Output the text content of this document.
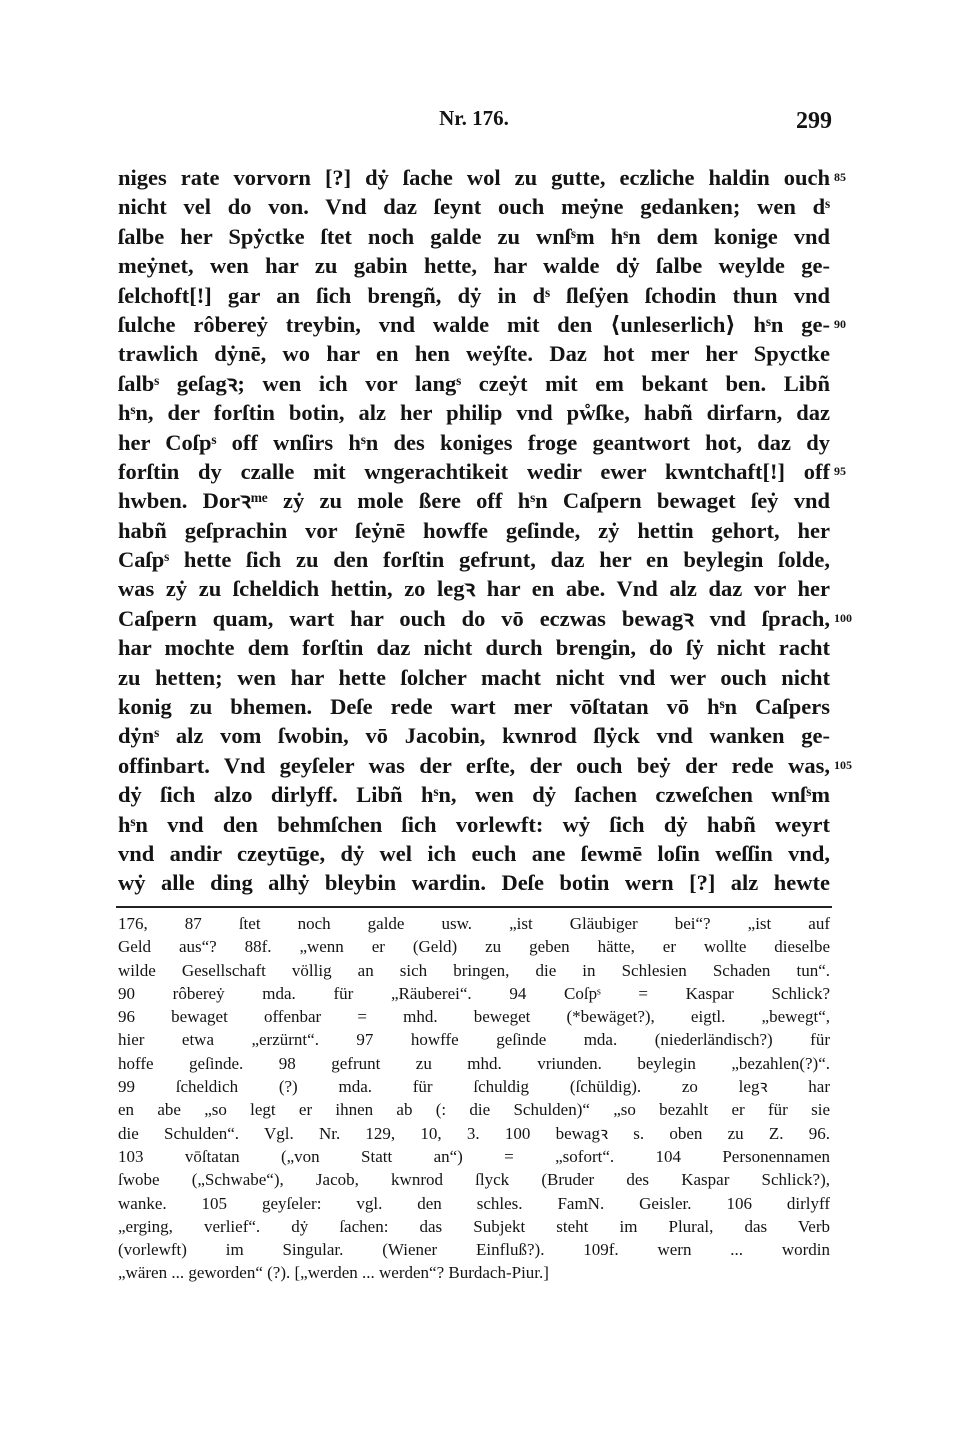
Nr. 176.	299
niges rate vorvorn [?] dẏ ſache wol zu gutte, eczliche haldin ouch 85
nicht vel do von. Vnd daz ſeynt ouch meẏne gedanken; wen dˢ
ſalbe her Spẏctke ſtet noch galde zu wnſˢm hˢn dem konige vnd
meẏnet, wen har zu gabin hette, har walde dẏ ſalbe weylde ge-
ſelchoft[!] gar an ſich brengñ, dẏ in dˢ ſleſẏen ſchodin thun vnd
ſulche rôbereẏ treybin, vnd walde mit den ⟨unleserlich⟩ hˢn ge- 90
trawlich dẏnē, wo har en hen weẏſte. Daz hot mer her Spyctke
ſalbˢ geſagꝛ; wen ich vor langˢ czeẏt mit em bekant ben. Libñ
hˢn, der forſtin botin, alz her philip vnd pẘſke, habñ dirfarn, daz
her Coſpˢ off wnſirs hˢn des koniges froge geantwort hot, daz dy
forſtin dy czalle mit wngerachtikeit wedir ewer kwntchaft[!] off 95
hwben. Dorꝛᵐᵉ zẏ zu mole ßere off hˢn Caſpern bewaget ſeẏ vnd
habñ geſprachin vor ſeẏnē howffe geſinde, zẏ hettin gehort, her
Caſpˢ hette ſich zu den forſtin gefrunt, daz her en beylegin ſolde,
was zẏ zu ſcheldich hettin, zo legꝛ har en abe. Vnd alz daz vor her
Caſpern quam, wart har ouch do vō eczwas bewagꝛ vnd ſprach, 100
har mochte dem forſtin daz nicht durch brengin, do ſẏ nicht racht
zu hetten; wen har hette ſolcher macht nicht vnd wer ouch nicht
konig zu bhemen. Deſe rede wart mer vōſtatan vō hˢn Caſpers
dẏnˢ alz vom ſwobin, vō Jacobin, kwnrod ſlẏck vnd wanken ge-
offinbart. Vnd geyſeler was der erſte, der ouch beẏ der rede was, 105
dẏ ſich alzo dirlyff. Libñ hˢn, wen dẏ ſachen czweſchen wnſˢm
hˢn vnd den behmſchen ſich vorlewft: wẏ ſich dẏ habñ weyrt
vnd andir czeytūge, dẏ wel ich euch ane ſewmē loſin weſſin vnd,
wẏ alle ding alhẏ bleybin wardin. Deſe botin wern [?] alz hewte
176, 87 ſtet noch galde usw. „ist Gläubiger bei“? „ist auf
Geld aus“? 88f. „wenn er (Geld) zu geben hätte, er wollte dieselbe
wilde Gesellschaft völlig an sich bringen, die in Schlesien Schaden tun“.
90 rôbereẏ mda. für „Räuberei“. 94 Coſpˢ = Kaspar Schlick?
96 bewaget offenbar = mhd. beweget (*bewäget?), eigtl. „bewegt“,
hier etwa „erzürnt“. 97 howffe geſinde mda. (niederländisch?) für
hoffe geſinde. 98 gefrunt zu mhd. vriunden. beylegin „bezahlen(?)“.
99 ſcheldich (?) mda. für ſchuldig (ſchüldig). zo legꝛ har
en abe „so legt er ihnen ab (: die Schulden)“ „so bezahlt er für sie
die Schulden“. Vgl. Nr. 129, 10, 3. 100 bewagꝛ s. oben zu Z. 96.
103 vōſtatan („von Statt an“) = „sofort“. 104 Personennamen
ſwobe („Schwabe“), Jacob, kwnrod ſlyck (Bruder des Kaspar Schlick?),
wanke. 105 geyſeler: vgl. den schles. FamN. Geisler. 106 dirlyff
„erging, verlief“. dẏ ſachen: das Subjekt steht im Plural, das Verb
(vorlewft) im Singular. (Wiener Einfluß?). 109f. wern ... wordin
„wären ... geworden“ (?). [„werden ... werden“? Burdach-Piur.]
